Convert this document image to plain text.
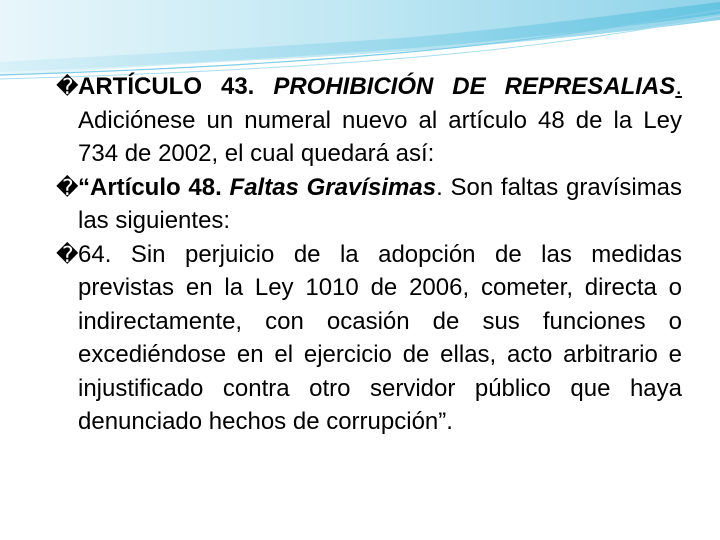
� ARTÍCULO 43. PROHIBICIÓN DE REPRESALIAS. Adiciónese un numeral nuevo al artículo 48 de la Ley 734 de 2002, el cual quedará así:

� “Artículo 48. Faltas Gravísimas. Son faltas gravísimas las siguientes:

� 64. Sin perjuicio de la adopción de las medidas previstas en la Ley 1010 de 2006, cometer, directa o indirectamente, con ocasión de sus funciones o excediéndose en el ejercicio de ellas, acto arbitrario e injustificado contra otro servidor público que haya denunciado hechos de corrupción”.
